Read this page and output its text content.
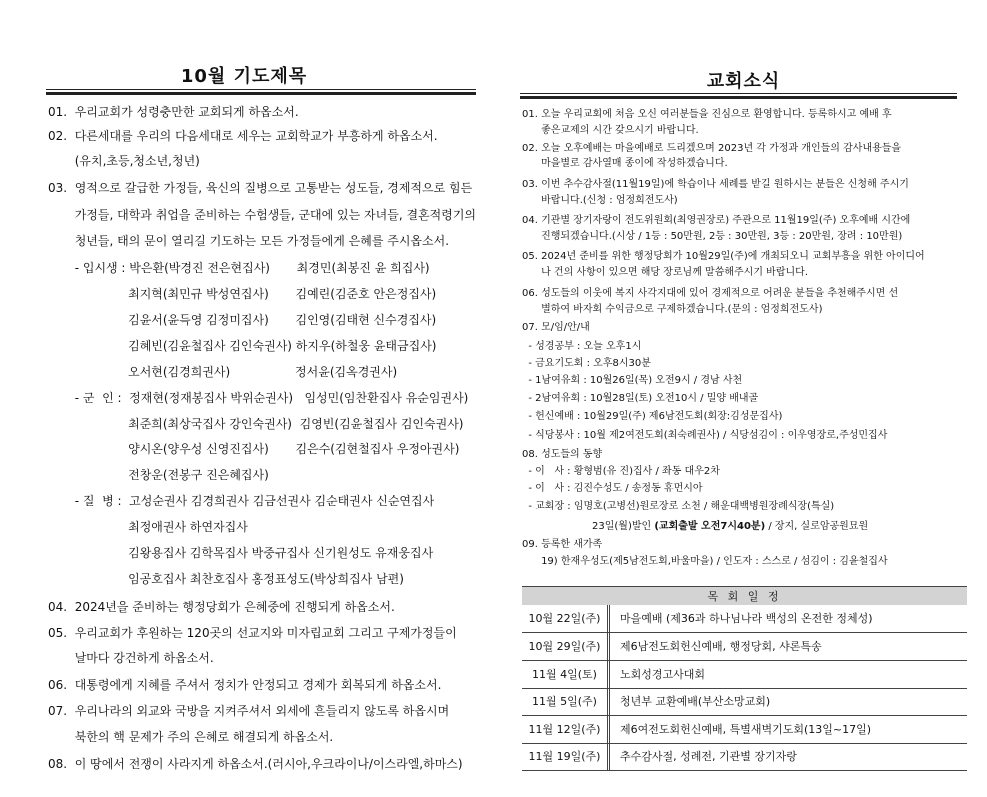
10월 기도제목
01.  우리교회가 성령충만한 교회되게 하옵소서.
02.  다른세대를 우리의 다음세대로 세우는 교회학교가 부흥하게 하옵소서.
(유치,초등,청소년,청년)
03.  영적으로 갈급한 가정들, 육신의 질병으로 고통받는 성도들, 경제적으로 힘든
가정들, 대학과 취업을 준비하는 수험생들, 군대에 있는 자녀들, 결혼적령기의
청년들, 태의 문이 열리길 기도하는 모든 가정들에게 은혜를 주시옵소서.
- 입시생 : 박은환(박경진 전은현집사)       최경민(최봉진 윤 희집사)
최지혁(최민규 박성연집사)       김예린(김준호 안은정집사)
김윤서(윤득영 김정미집사)       김인영(김태현 신수경집사)
김혜빈(김윤철집사 김인숙권사) 하지우(하철웅 윤태금집사)
오서현(김경희권사)                 정서윤(김옥경권사)
- 군  인 :  정재현(정재봉집사 박위순권사)   임성민(임찬환집사 유순임권사)
최준희(최상국집사 강인숙권사)  김영빈(김윤철집사 김인숙권사)
양시온(양우성 신영진집사)       김은수(김현철집사 우정아권사)
전창운(전봉구 진은혜집사)
- 질  병 :  고성순권사 김경희권사 김금선권사 김순태권사 신순연집사
최정애권사 하연자집사
김왕용집사 김학목집사 박중규집사 신기원성도 유재웅집사
임공호집사 최찬호집사 홍정표성도(박상희집사 남편)
04.  2024년을 준비하는 행정당회가 은혜중에 진행되게 하옵소서.
05.  우리교회가 후원하는 120곳의 선교지와 미자립교회 그리고 구제가정들이
날마다 강건하게 하옵소서.
06.  대통령에게 지혜를 주셔서 정치가 안정되고 경제가 회복되게 하옵소서.
07.  우리나라의 외교와 국방을 지켜주셔서 외세에 흔들리지 않도록 하옵시며
북한의 핵 문제가 주의 은혜로 해결되게 하옵소서.
08.  이 땅에서 전쟁이 사라지게 하옵소서.(러시아,우크라이나/이스라엘,하마스)
교회소식
01. 오늘 우리교회에 처음 오신 여러분들을 진심으로 환영합니다. 등록하시고 예배 후
좋은교제의 시간 갖으시기 바랍니다.
02. 오늘 오후예배는 마을예배로 드리겠으며 2023년 각 가정과 개인들의 감사내용들을
마을별로 감사열매 종이에 작성하겠습니다.
03. 이번 추수감사절(11월19일)에 학습이나 세례를 받길 원하시는 분들은 신청해 주시기
바랍니다.(신청 : 엄정희전도사)
04. 기관별 장기자랑이 전도위원회(최영권장로) 주관으로 11월19일(주) 오후예배 시간에
진행되겠습니다.(시상 / 1등 : 50만원, 2등 : 30만원, 3등 : 20만원, 장려 : 10만원)
05. 2024년 준비를 위한 행정당회가 10월29일(주)에 개최되오니 교회부흥을 위한 아이디어
나 건의 사항이 있으면 해당 장로님께 말씀해주시기 바랍니다.
06. 성도들의 이웃에 복지 사각지대에 있어 경제적으로 어려운 분들을 추천해주시면 선
별하여 바자회 수익금으로 구제하겠습니다.(문의 : 엄정희전도사)
07. 모/임/안/내
- 성경공부 : 오늘 오후1시
- 금요기도회 : 오후8시30분
- 1남여유회 : 10월26일(목) 오전9시 / 경남 사천
- 2남여유회 : 10월28일(토) 오전10시 / 밀양 배내골
- 헌신예배 : 10월29일(주) 제6남전도회(회장:김성문집사)
- 식당봉사 : 10월 제2여전도회(최숙례권사) / 식당섬김이 : 이우영장로,주성민집사
08. 성도들의 동향
- 이   사 : 황형범(유 진)집사 / 좌동 대우2차
- 이   사 : 김진수성도 / 송정동 휴먼시아
- 교회장 : 임명호(고병선)원로장로 소천 / 해운대백병원장례식장(특실)
09. 등록한 새가족
19) 한재우성도(제5남전도회,바울마을) / 인도자 : 스스로 / 섬김이 : 김윤철집사
23일(월)발인 (교회출발 오전7시40분) / 장지, 실로암공원묘원
목 회 일 정
10월 22일(주)	마을예배 (제36과 하나님나라 백성의 온전한 정체성)
10월 29일(주)	제6남전도회헌신예배, 행정당회, 샤론특송
11월 4일(토)	노회성경고사대회
11월 5일(주)	청년부 교환예배(부산소망교회)
11월 12일(주)	제6여전도회헌신예배, 특별새벽기도회(13일~17일)
11월 19일(주)	추수감사절, 성례전, 기관별 장기자랑
